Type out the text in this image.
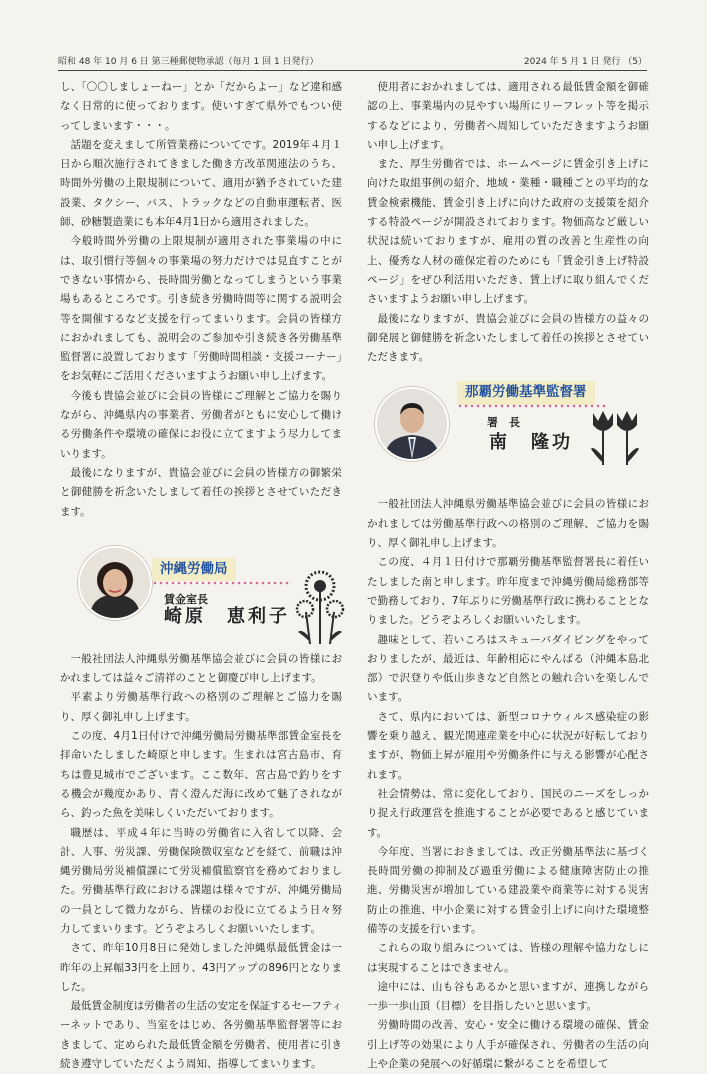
昭和 48 年 10 月 6 日 第三種郵便物承認（毎月 1 回 1 日発行）	2024 年 5 月 1 日 発行 （5）

し、「〇〇しましょーねー」とか「だからよー」など違和感なく日常的に使っております。使いすぎて県外でもつい使ってしまいます・・・。

話題を変えまして所管業務についてです。2019年４月１日から順次施行されてきました働き方改革関連法のうち、時間外労働の上限規制について、適用が猶予されていた建設業、タクシー、バス、トラックなどの自動車運転者、医師、砂糖製造業にも本年4月1日から適用されました。

今般時間外労働の上限規制が適用された事業場の中には、取引慣行等個々の事業場の努力だけでは見直すことができない事情から、長時間労働となってしまうという事業場もあるところです。引き続き労働時間等に関する説明会等を開催するなど支援を行ってまいります。会員の皆様方におかれましても、説明会のご参加や引き続き各労働基準監督署に設置しております「労働時間相談・支援コーナー」をお気軽にご活用くださいますようお願い申し上げます。

今後も貴協会並びに会員の皆様にご理解とご協力を賜りながら、沖縄県内の事業者、労働者がともに安心して働ける労働条件や環境の確保にお役に立てますよう尽力してまいります。

最後になりますが、貴協会並びに会員の皆様方の御繁栄と御健勝を祈念いたしまして着任の挨拶とさせていただきます。

沖縄労働局
賃金室長
崎原　恵利子

一般社団法人沖縄県労働基準協会並びに会員の皆様におかれましては益々ご清祥のことと御慶び申し上げます。

平素より労働基準行政への格別のご理解とご協力を賜り、厚く御礼申し上げます。

この度、4月1日付けで沖縄労働局労働基準部賃金室長を拝命いたしました崎原と申します。生まれは宮古島市、育ちは豊見城市でございます。ここ数年、宮古島で釣りをする機会が幾度かあり、青く澄んだ海に改めて魅了されながら、釣った魚を美味しくいただいております。

職歴は、平成４年に当時の労働省に入省して以降、会計、人事、労災課、労働保険徴収室などを経て、前職は沖縄労働局労災補償課にて労災補償監察官を務めておりました。労働基準行政における課題は様々ですが、沖縄労働局の一員として微力ながら、皆様のお役に立てるよう日々努力してまいります。どうぞよろしくお願いいたします。

さて、昨年10月8日に発効しました沖縄県最低賃金は一昨年の上昇幅33円を上回り、43円アップの896円となりました。

最低賃金制度は労働者の生活の安定を保証するセーフティーネットであり、当室をはじめ、各労働基準監督署等におきまして、定められた最低賃金額を労働者、使用者に引き続き遵守していただくよう周知、指導してまいります。

使用者におかれましては、適用される最低賃金額を御確認の上、事業場内の見やすい場所にリーフレット等を掲示するなどにより、労働者へ周知していただきますようお願い申し上げます。

また、厚生労働省では、ホームページに賃金引き上げに向けた取組事例の紹介、地域・業種・職種ごとの平均的な賃金検索機能、賃金引き上げに向けた政府の支援策を紹介する特設ページが開設されております。物価高など厳しい状況は続いておりますが、雇用の質の改善と生産性の向上、優秀な人材の確保定着のためにも「賃金引き上げ特設ページ」をぜひ利活用いただき、賃上げに取り組んでくださいますようお願い申し上げます。

最後になりますが、貴協会並びに会員の皆様方の益々の御発展と御健勝を祈念いたしまして着任の挨拶とさせていただきます。

那覇労働基準監督署
署　長
南　隆功

一般社団法人沖縄県労働基準協会並びに会員の皆様におかれましては労働基準行政への格別のご理解、ご協力を賜り、厚く御礼申し上げます。

この度、４月１日付けで那覇労働基準監督署長に着任いたしました南と申します。昨年度まで沖縄労働局総務部等で勤務しており、7年ぶりに労働基準行政に携わることとなりました。どうぞよろしくお願いいたします。

趣味として、若いころはスキューバダイビングをやっておりましたが、最近は、年齢相応にやんばる（沖縄本島北部）で沢登りや低山歩きなど自然との触れ合いを楽しんでいます。

さて、県内においては、新型コロナウィルス感染症の影響を乗り越え、観光関連産業を中心に状況が好転しておりますが、物価上昇が雇用や労働条件に与える影響が心配されます。

社会情勢は、常に変化しており、国民のニーズをしっかり捉え行政運営を推進することが必要であると感じています。

今年度、当署におきましては、改正労働基準法に基づく長時間労働の抑制及び過重労働による健康障害防止の推進、労働災害が増加している建設業や商業等に対する災害防止の推進、中小企業に対する賃金引上げに向けた環境整備等の支援を行います。

これらの取り組みについては、皆様の理解や協力なしには実現することはできません。

途中には、山も谷もあるかと思いますが、連携しながら一歩一歩山頂（目標）を目指したいと思います。

労働時間の改善、安心・安全に働ける環境の確保、賃金引上げ等の効果により人手が確保され、労働者の生活の向上や企業の発展への好循環に繋がることを希望して
